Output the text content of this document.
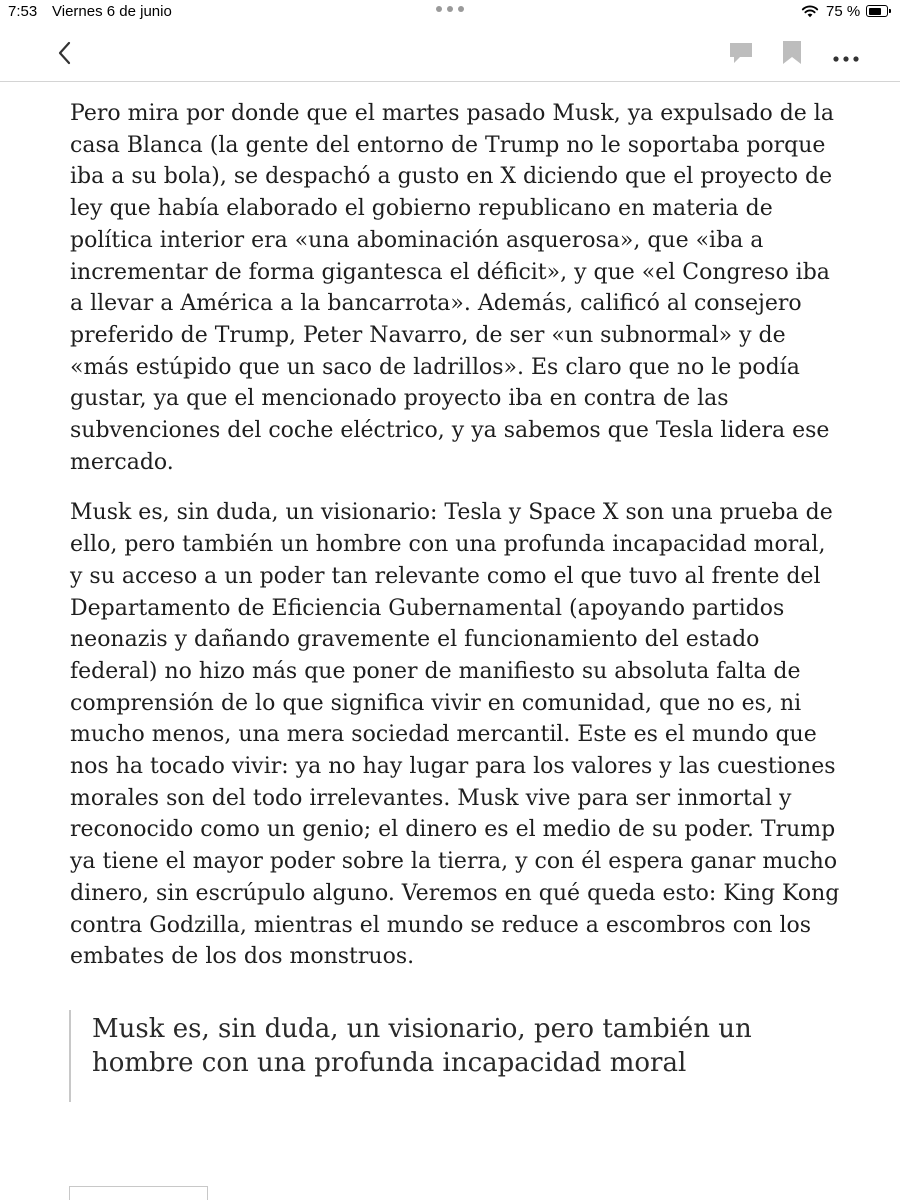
7:53 Viernes 6 de junio	75 %

Pero mira por donde que el martes pasado Musk, ya expulsado de la casa Blanca (la gente del entorno de Trump no le soportaba porque iba a su bola), se despachó a gusto en X diciendo que el proyecto de ley que había elaborado el gobierno republicano en materia de política interior era «una abominación asquerosa», que «iba a incrementar de forma gigantesca el déficit», y que «el Congreso iba a llevar a América a la bancarrota». Además, calificó al consejero preferido de Trump, Peter Navarro, de ser «un subnormal» y de «más estúpido que un saco de ladrillos». Es claro que no le podía gustar, ya que el mencionado proyecto iba en contra de las subvenciones del coche eléctrico, y ya sabemos que Tesla lidera ese mercado.

Musk es, sin duda, un visionario: Tesla y Space X son una prueba de ello, pero también un hombre con una profunda incapacidad moral, y su acceso a un poder tan relevante como el que tuvo al frente del Departamento de Eficiencia Gubernamental (apoyando partidos neonazis y dañando gravemente el funcionamiento del estado federal) no hizo más que poner de manifiesto su absoluta falta de comprensión de lo que significa vivir en comunidad, que no es, ni mucho menos, una mera sociedad mercantil. Este es el mundo que nos ha tocado vivir: ya no hay lugar para los valores y las cuestiones morales son del todo irrelevantes. Musk vive para ser inmortal y reconocido como un genio; el dinero es el medio de su poder. Trump ya tiene el mayor poder sobre la tierra, y con él espera ganar mucho dinero, sin escrúpulo alguno. Veremos en qué queda esto: King Kong contra Godzilla, mientras el mundo se reduce a escombros con los embates de los dos monstruos.

Musk es, sin duda, un visionario, pero también un hombre con una profunda incapacidad moral
